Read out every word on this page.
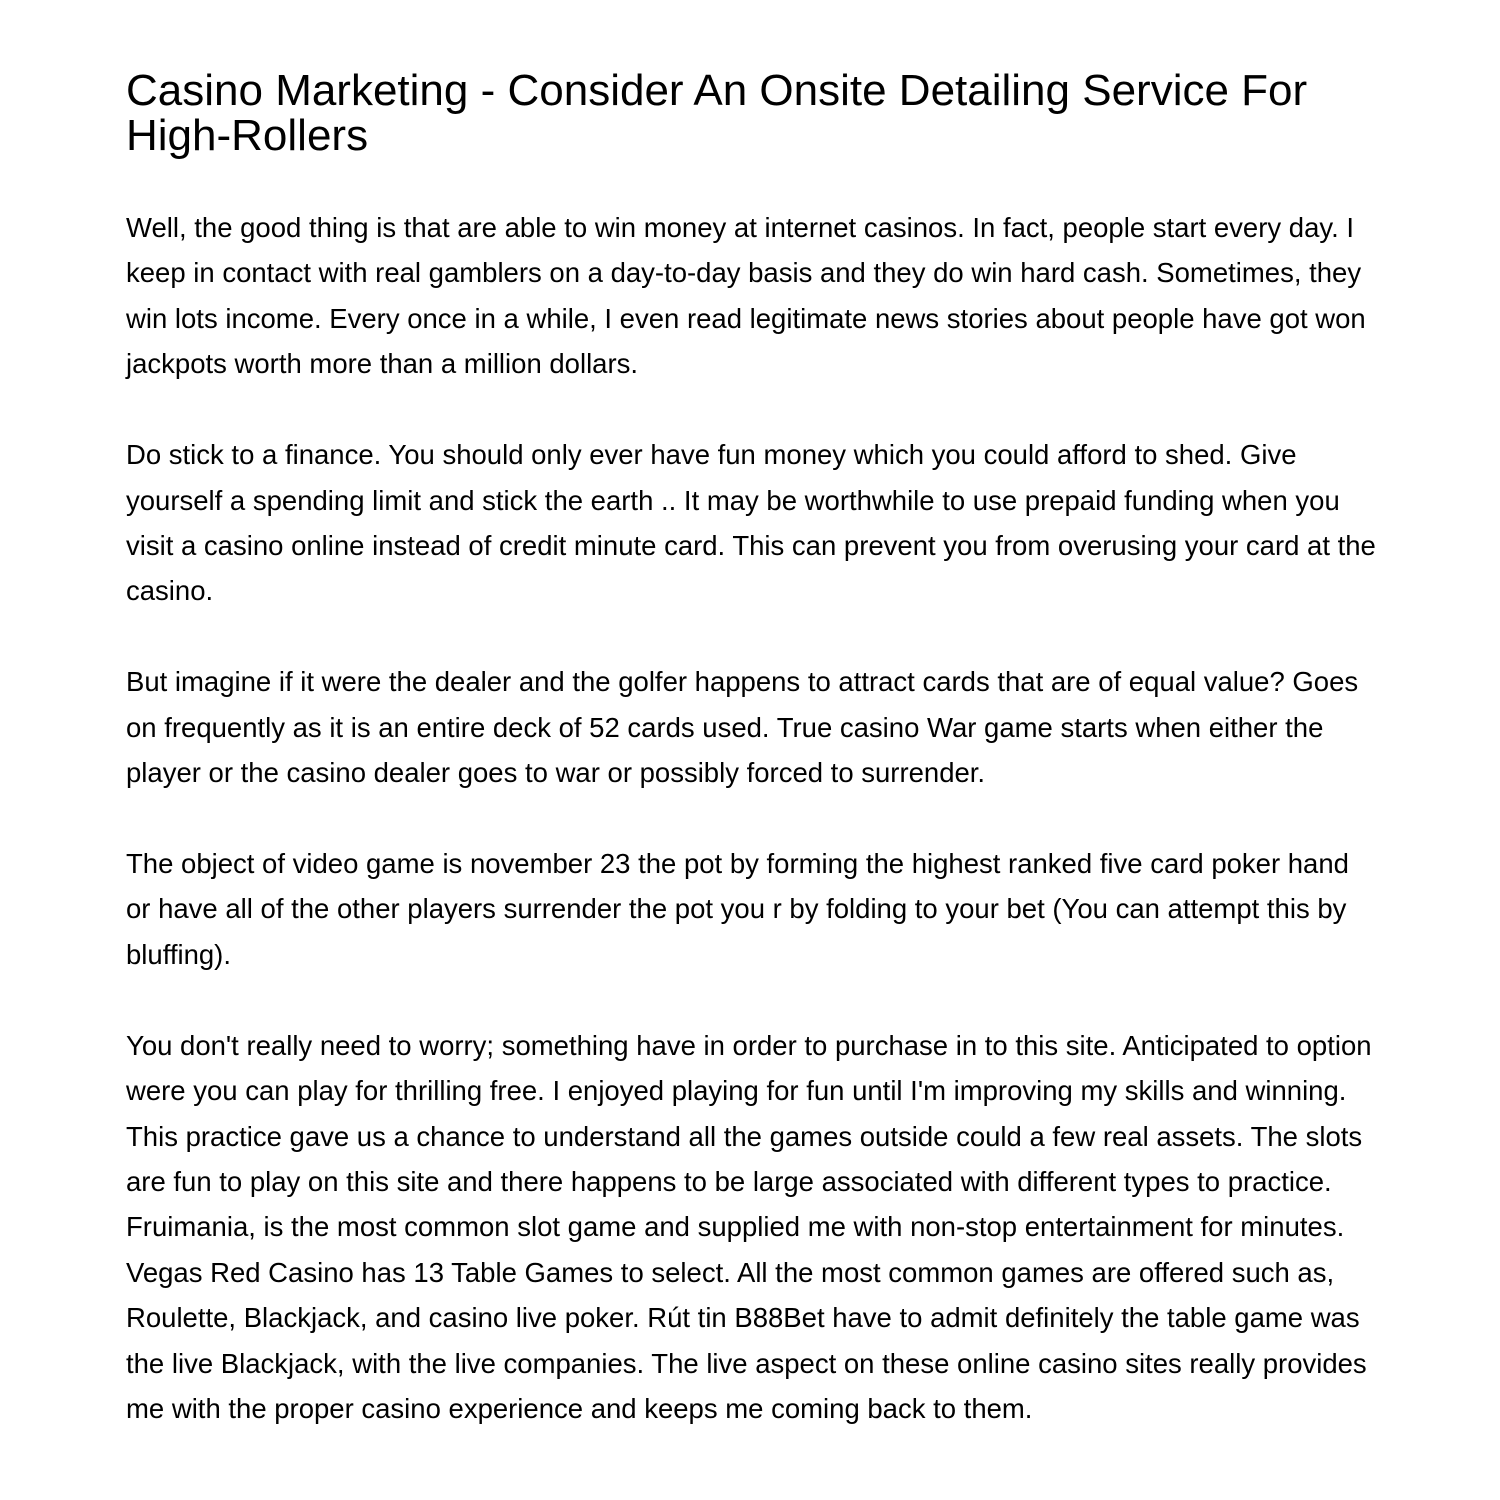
Casino Marketing - Consider An Onsite Detailing Service For High-Rollers

Well, the good thing is that are able to win money at internet casinos. In fact, people start every day. I keep in contact with real gamblers on a day-to-day basis and they do win hard cash. Sometimes, they win lots income. Every once in a while, I even read legitimate news stories about people have got won jackpots worth more than a million dollars.

Do stick to a finance. You should only ever have fun money which you could afford to shed. Give yourself a spending limit and stick the earth .. It may be worthwhile to use prepaid funding when you visit a casino online instead of credit minute card. This can prevent you from overusing your card at the casino.

But imagine if it were the dealer and the golfer happens to attract cards that are of equal value? Goes on frequently as it is an entire deck of 52 cards used. True casino War game starts when either the player or the casino dealer goes to war or possibly forced to surrender.

The object of video game is november 23 the pot by forming the highest ranked five card poker hand or have all of the other players surrender the pot you r by folding to your bet (You can attempt this by bluffing).

You don't really need to worry; something have in order to purchase in to this site. Anticipated to option were you can play for thrilling free. I enjoyed playing for fun until I'm improving my skills and winning. This practice gave us a chance to understand all the games outside could a few real assets. The slots are fun to play on this site and there happens to be large associated with different types to practice. Fruimania, is the most common slot game and supplied me with non-stop entertainment for minutes. Vegas Red Casino has 13 Table Games to select. All the most common games are offered such as, Roulette, Blackjack, and casino live poker. Rút tin B88Bet have to admit definitely the table game was the live Blackjack, with the live companies. The live aspect on these online casino sites really provides me with the proper casino experience and keeps me coming back to them.
